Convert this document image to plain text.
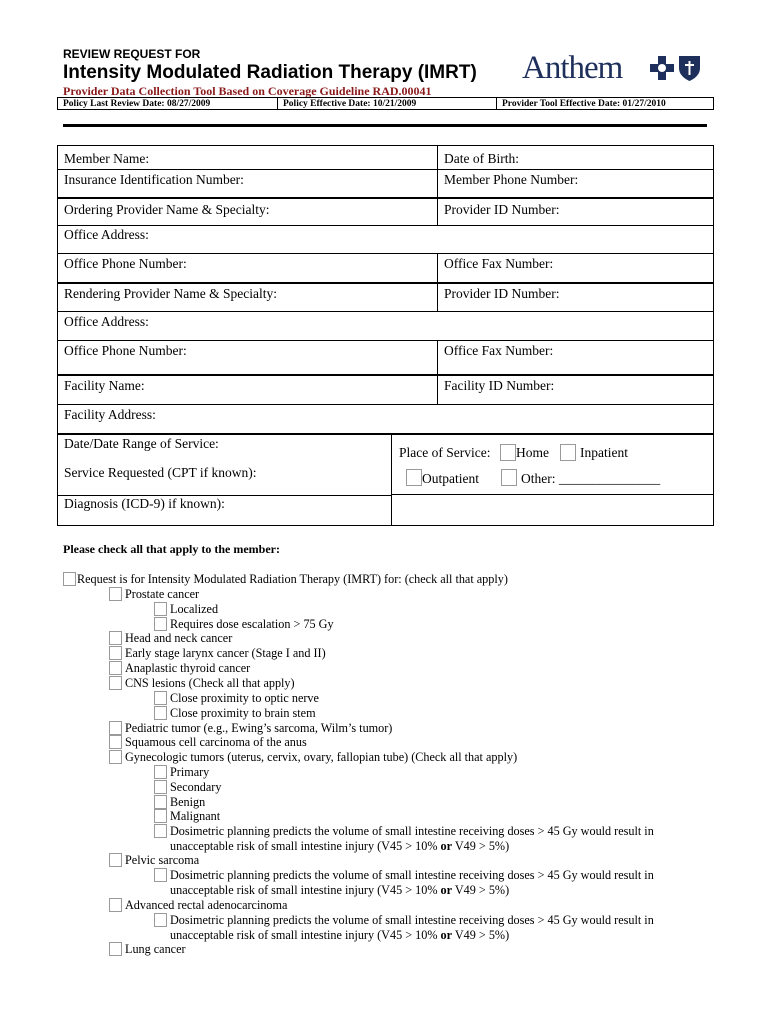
REVIEW REQUEST FOR
Intensity Modulated Radiation Therapy (IMRT)
Provider Data Collection Tool Based on Coverage Guideline RAD.00041
Anthem
Policy Last Review Date: 08/27/2009	Policy Effective Date: 10/21/2009	Provider Tool Effective Date: 01/27/2010
Member Name:	Date of Birth:
Insurance Identification Number:	Member Phone Number:
Ordering Provider Name & Specialty:	Provider ID Number:
Office Address:
Office Phone Number:	Office Fax Number:
Rendering Provider Name & Specialty:	Provider ID Number:
Office Address:
Office Phone Number:	Office Fax Number:
Facility Name:	Facility ID Number:
Facility Address:
Date/Date Range of Service:
Service Requested (CPT if known):
Diagnosis (ICD-9) if known):
Place of Service: Home Inpatient
Outpatient	Other: _______________
Please check all that apply to the member:
Request is for Intensity Modulated Radiation Therapy (IMRT) for: (check all that apply)
Prostate cancer
Localized
Requires dose escalation > 75 Gy
Head and neck cancer
Early stage larynx cancer (Stage I and II)
Anaplastic thyroid cancer
CNS lesions (Check all that apply)
Close proximity to optic nerve
Close proximity to brain stem
Pediatric tumor (e.g., Ewing’s sarcoma, Wilm’s tumor)
Squamous cell carcinoma of the anus
Gynecologic tumors (uterus, cervix, ovary, fallopian tube) (Check all that apply)
Primary
Secondary
Benign
Malignant
Dosimetric planning predicts the volume of small intestine receiving doses > 45 Gy would result in
unacceptable risk of small intestine injury (V45 > 10% or V49 > 5%)
Pelvic sarcoma
Dosimetric planning predicts the volume of small intestine receiving doses > 45 Gy would result in
unacceptable risk of small intestine injury (V45 > 10% or V49 > 5%)
Advanced rectal adenocarcinoma
Dosimetric planning predicts the volume of small intestine receiving doses > 45 Gy would result in
unacceptable risk of small intestine injury (V45 > 10% or V49 > 5%)
Lung cancer
